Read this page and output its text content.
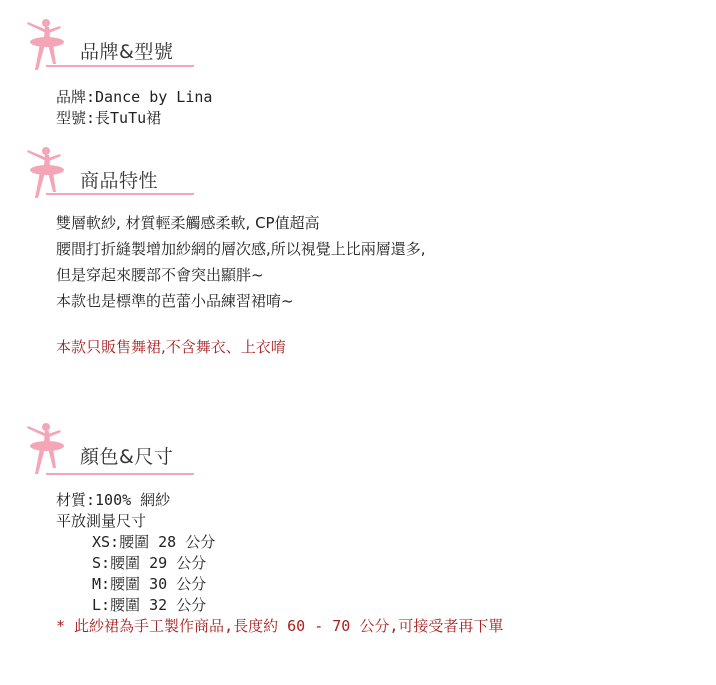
品牌&型號
品牌:Dance by Lina
型號:長TuTu裙
商品特性
雙層軟紗, 材質輕柔觸感柔軟, CP值超高
腰間打折縫製增加紗網的層次感,所以視覺上比兩層還多,
但是穿起來腰部不會突出顯胖~
本款也是標準的芭蕾小品練習裙唷~
本款只販售舞裙,不含舞衣、上衣唷
顏色&尺寸
材質:100% 網紗
平放測量尺寸
XS:腰圍 28 公分
S:腰圍 29 公分
M:腰圍 30 公分
L:腰圍 32 公分
* 此紗裙為手工製作商品,長度約 60 - 70 公分,可接受者再下單
